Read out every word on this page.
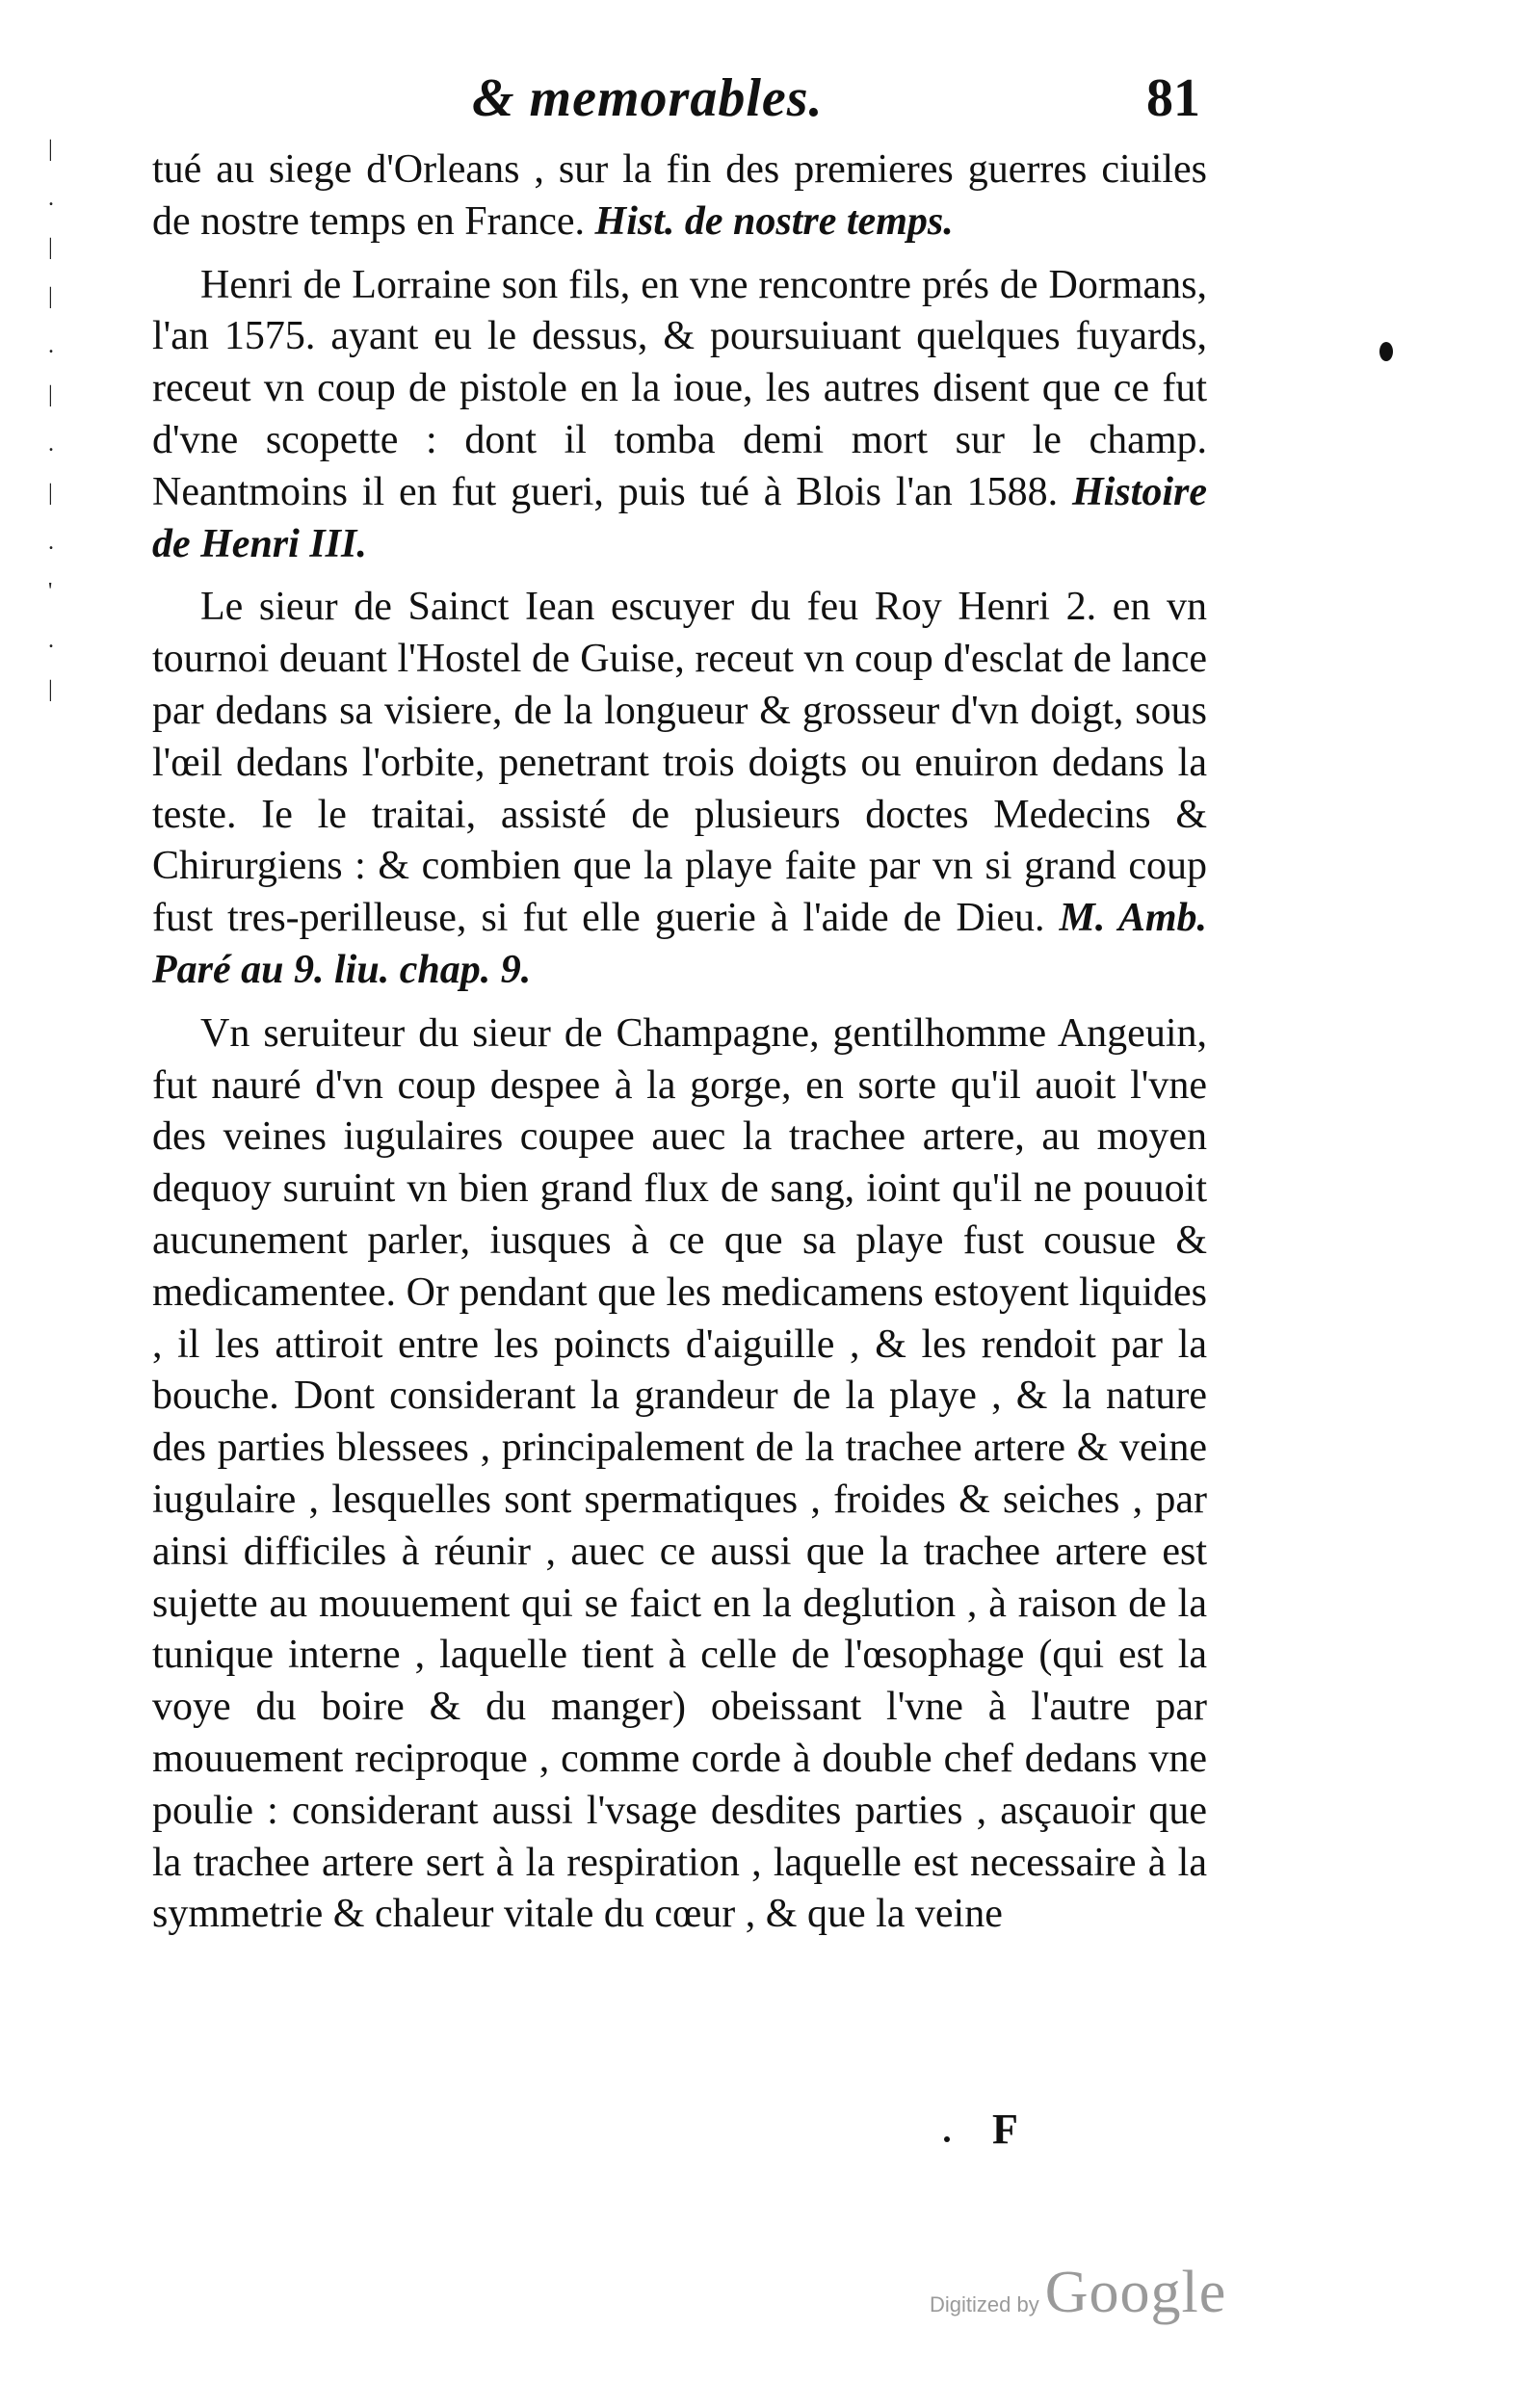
& memorables.	81
|
.
|
|
.
|
.
|
.
'
.
|

tué au siege d'Orleans , sur la fin des premieres guerres ciuiles de nostre temps en France. Hist. de nostre temps.

Henri de Lorraine son fils, en vne rencontre prés de Dormans, l'an 1575. ayant eu le dessus, & poursuiuant quelques fuyards, receut vn coup de pistole en la ioue, les autres disent que ce fut d'vne scopette : dont il tomba demi mort sur le champ. Neantmoins il en fut gueri, puis tué à Blois l'an 1588. Histoire de Henri III.

Le sieur de Sainct Iean escuyer du feu Roy Henri 2. en vn tournoi deuant l'Hostel de Guise, receut vn coup d'esclat de lance par dedans sa visiere, de la longueur & grosseur d'vn doigt, sous l'œil dedans l'orbite, penetrant trois doigts ou enuiron dedans la teste. Ie le traitai, assisté de plusieurs doctes Medecins & Chirurgiens : & combien que la playe faite par vn si grand coup fust tres-perilleuse, si fut elle guerie à l'aide de Dieu. M. Amb. Paré au 9. liu. chap. 9.

Vn seruiteur du sieur de Champagne, gentilhomme Angeuin, fut nauré d'vn coup despee à la gorge, en sorte qu'il auoit l'vne des veines iugulaires coupee auec la trachee artere, au moyen dequoy suruint vn bien grand flux de sang, ioint qu'il ne pouuoit aucunement parler, iusques à ce que sa playe fust cousue & medicamentee. Or pendant que les medicamens estoyent liquides , il les attiroit entre les poincts d'aiguille , & les rendoit par la bouche. Dont considerant la grandeur de la playe , & la nature des parties blessees , principalement de la trachee artere & veine iugulaire , lesquelles sont spermatiques , froides & seiches , par ainsi difficiles à réunir , auec ce aussi que la trachee artere est sujette au mouuement qui se faict en la deglution , à raison de la tunique interne , laquelle tient à celle de l'œsophage (qui est la voye du boire & du manger) obeissant l'vne à l'autre par mouuement reciproque , comme corde à double chef dedans vne poulie : considerant aussi l'vsage desdites parties , asçauoir que la trachee artere sert à la respiration , laquelle est necessaire à la symmetrie & chaleur vitale du cœur , & que la veine

F
Digitized by Google
